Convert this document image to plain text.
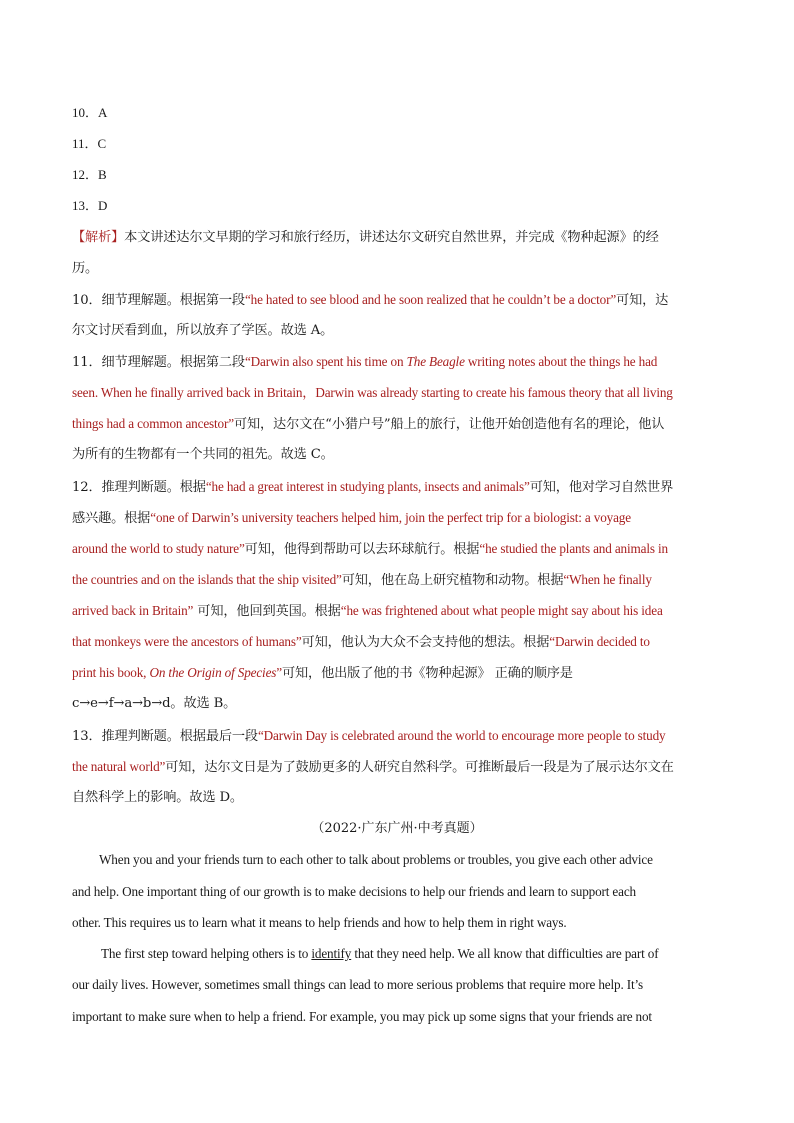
10．A
11．C
12．B
13．D
【解析】本文讲述达尔文早期的学习和旅行经历，讲述达尔文研究自然世界，并完成《物种起源》的经
历。
10．细节理解题。根据第一段“he hated to see blood and he soon realized that he couldn’t be a doctor”可知，达
尔文讨厌看到血，所以放弃了学医。故选 A。
11．细节理解题。根据第二段“Darwin also spent his time on The Beagle writing notes about the things he had
seen. When he finally arrived back in Britain，Darwin was already starting to create his famous theory that all living
things had a common ancestor”可知，达尔文在“小猎户号”船上的旅行，让他开始创造他有名的理论，他认
为所有的生物都有一个共同的祖先。故选 C。
12．推理判断题。根据“he had a great interest in studying plants, insects and animals”可知，他对学习自然世界
感兴趣。根据“one of Darwin’s university teachers helped him, join the perfect trip for a biologist: a voyage
around the world to study nature”可知，他得到帮助可以去环球航行。根据“he studied the plants and animals in
the countries and on the islands that the ship visited”可知，他在岛上研究植物和动物。根据“When he finally
arrived back in Britain” 可知，他回到英国。根据“he was frightened about what people might say about his idea
that monkeys were the ancestors of humans”可知，他认为大众不会支持他的想法。根据“Darwin decided to
print his book, On the Origin of Species”可知，他出版了他的书《物种起源》 正确的顺序是
c→e→f→a→b→d。故选 B。
13．推理判断题。根据最后一段“Darwin Day is celebrated around the world to encourage more people to study
the natural world”可知，达尔文日是为了鼓励更多的人研究自然科学。可推断最后一段是为了展示达尔文在
自然科学上的影响。故选 D。
（2022·广东广州·中考真题）
When you and your friends turn to each other to talk about problems or troubles, you give each other advice
and help. One important thing of our growth is to make decisions to help our friends and learn to support each
other. This requires us to learn what it means to help friends and how to help them in right ways.
The first step toward helping others is to identify that they need help. We all know that difficulties are part of
our daily lives. However, sometimes small things can lead to more serious problems that require more help. It’s
important to make sure when to help a friend. For example, you may pick up some signs that your friends are not
